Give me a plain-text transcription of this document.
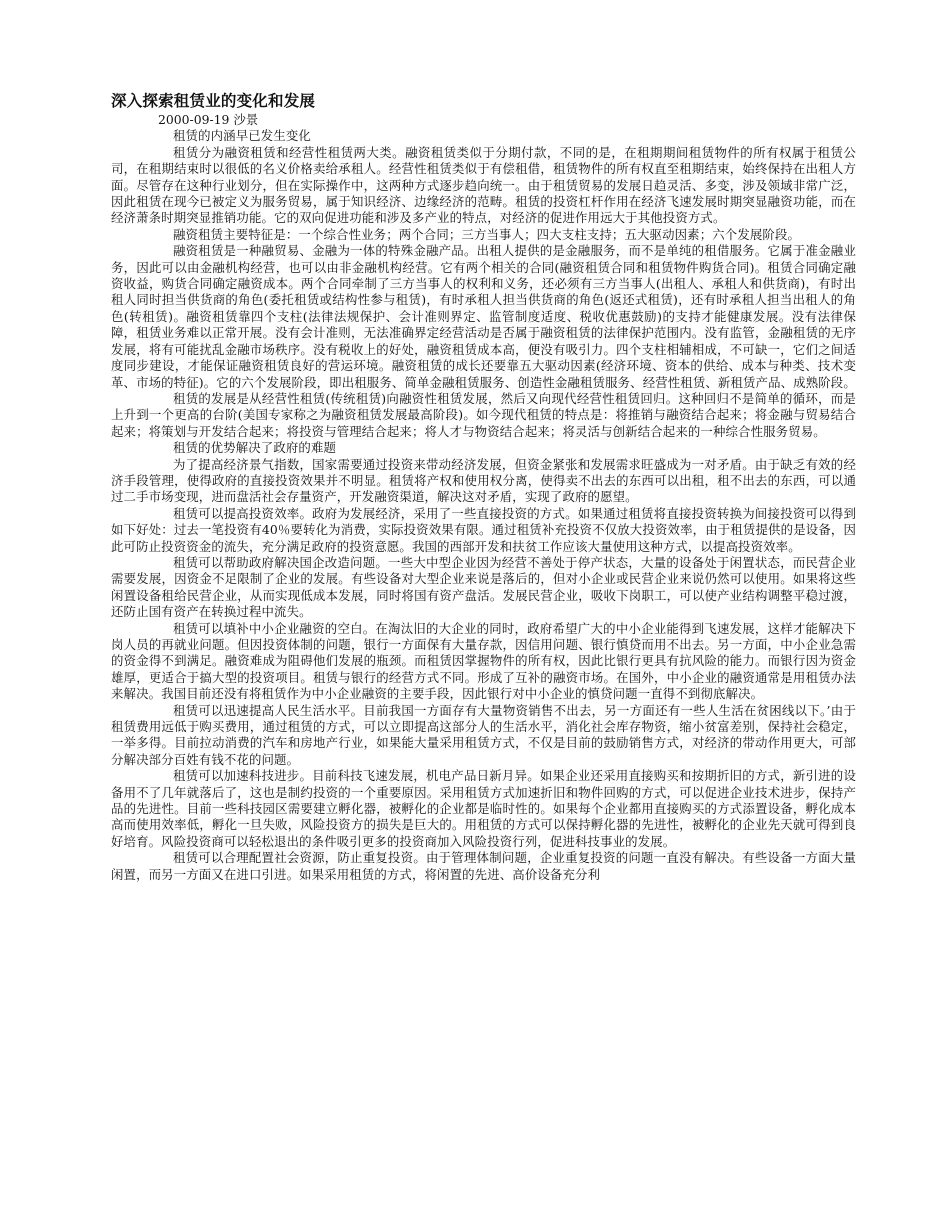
深入探索租赁业的变化和发展
2000-09-19 沙景

租赁的内涵早已发生变化

租赁分为融资租赁和经营性租赁两大类。融资租赁类似于分期付款，不同的是，在租期期间租赁物件的所有权属于租赁公司，在租期结束时以很低的名义价格卖给承租人。经营性租赁类似于有偿租借，租赁物件的所有权直至租期结束，始终保持在出租人方面。尽管存在这种行业划分，但在实际操作中，这两种方式逐步趋向统一。由于租赁贸易的发展日趋灵活、多变，涉及领域非常广泛，因此租赁在现今已被定义为服务贸易，属于知识经济、边缘经济的范畴。租赁的投资杠杆作用在经济飞速发展时期突显融资功能，而在经济萧条时期突显推销功能。它的双向促进功能和涉及多产业的特点，对经济的促进作用远大于其他投资方式。

融资租赁主要特征是：一个综合性业务；两个合同；三方当事人；四大支柱支持；五大驱动因素；六个发展阶段。

融资租赁是一种融贸易、金融为一体的特殊金融产品。出租人提供的是金融服务，而不是单纯的租借服务。它属于准金融业务，因此可以由金融机构经营，也可以由非金融机构经营。它有两个相关的合同(融资租赁合同和租赁物件购货合同)。租赁合同确定融资收益，购货合同确定融资成本。两个合同牵制了三方当事人的权利和义务，还必须有三方当事人(出租人、承租人和供货商)，有时出租人同时担当供货商的角色(委托租赁或结构性参与租赁)，有时承租人担当供货商的角色(返还式租赁)，还有时承租人担当出租人的角色(转租赁)。融资租赁靠四个支柱(法律法规保护、会计准则界定、监管制度适度、税收优惠鼓励)的支持才能健康发展。没有法律保障，租赁业务难以正常开展。没有会计准则，无法准确界定经营活动是否属于融资租赁的法律保护范围内。没有监管，金融租赁的无序发展，将有可能扰乱金融市场秩序。没有税收上的好处，融资租赁成本高，便没有吸引力。四个支柱相辅相成，不可缺一，它们之间适度同步建设，才能保证融资租赁良好的营运环境。融资租赁的成长还要靠五大驱动因素(经济环境、资本的供给、成本与种类、技术变革、市场的特征)。它的六个发展阶段，即出租服务、简单金融租赁服务、创造性金融租赁服务、经营性租赁、新租赁产品、成熟阶段。

租赁的发展是从经营性租赁(传统租赁)向融资性租赁发展，然后又向现代经营性租赁回归。这种回归不是简单的循环，而是上升到一个更高的台阶(美国专家称之为融资租赁发展最高阶段)。如今现代租赁的特点是：将推销与融资结合起来；将金融与贸易结合起来；将策划与开发结合起来；将投资与管理结合起来；将人才与物资结合起来；将灵活与创新结合起来的一种综合性服务贸易。

租赁的优势解决了政府的难题

为了提高经济景气指数，国家需要通过投资来带动经济发展，但资金紧张和发展需求旺盛成为一对矛盾。由于缺乏有效的经济手段管理，使得政府的直接投资效果并不明显。租赁将产权和使用权分离，使得卖不出去的东西可以出租，租不出去的东西，可以通过二手市场变现，进而盘活社会存量资产，开发融资渠道，解决这对矛盾，实现了政府的愿望。

租赁可以提高投资效率。政府为发展经济，采用了一些直接投资的方式。如果通过租赁将直接投资转换为间接投资可以得到如下好处：过去一笔投资有40％要转化为消费，实际投资效果有限。通过租赁补充投资不仅放大投资效率，由于租赁提供的是设备，因此可防止投资资金的流失，充分满足政府的投资意愿。我国的西部开发和扶贫工作应该大量使用这种方式，以提高投资效率。

租赁可以帮助政府解决国企改造问题。一些大中型企业因为经营不善处于停产状态，大量的设备处于闲置状态，而民营企业需要发展，因资金不足限制了企业的发展。有些设备对大型企业来说是落后的，但对小企业或民营企业来说仍然可以使用。如果将这些闲置设备租给民营企业，从而实现低成本发展，同时将国有资产盘活。发展民营企业，吸收下岗职工，可以使产业结构调整平稳过渡，还防止国有资产在转换过程中流失。

租赁可以填补中小企业融资的空白。在淘汰旧的大企业的同时，政府希望广大的中小企业能得到飞速发展，这样才能解决下岗人员的再就业问题。但因投资体制的问题，银行一方面保有大量存款，因信用问题、银行慎贷而用不出去。另一方面，中小企业急需的资金得不到满足。融资难成为阻碍他们发展的瓶颈。而租赁因掌握物件的所有权，因此比银行更具有抗风险的能力。而银行因为资金雄厚，更适合于搞大型的投资项目。租赁与银行的经营方式不同。形成了互补的融资市场。在国外，中小企业的融资通常是用租赁办法来解决。我国目前还没有将租赁作为中小企业融资的主要手段，因此银行对中小企业的慎贷问题一直得不到彻底解决。

租赁可以迅速提高人民生活水平。目前我国一方面存有大量物资销售不出去，另一方面还有一些人生活在贫困线以下。’由于租赁费用远低于购买费用，通过租赁的方式，可以立即提高这部分人的生活水平，消化社会库存物资，缩小贫富差别，保持社会稳定，一举多得。目前拉动消费的汽车和房地产行业，如果能大量采用租赁方式，不仅是目前的鼓励销售方式，对经济的带动作用更大，可部分解决部分百姓有钱不花的问题。

租赁可以加速科技进步。目前科技飞速发展，机电产品日新月异。如果企业还采用直接购买和按期折旧的方式，新引进的设备用不了几年就落后了，这也是制约投资的一个重要原因。采用租赁方式加速折旧和物件回购的方式，可以促进企业技术进步，保持产品的先进性。目前一些科技园区需要建立孵化器，被孵化的企业都是临时性的。如果每个企业都用直接购买的方式添置设备，孵化成本高而使用效率低，孵化一旦失败，风险投资方的损失是巨大的。用租赁的方式可以保持孵化器的先进性，被孵化的企业先天就可得到良好培育。风险投资商可以轻松退出的条件吸引更多的投资商加入风险投资行列，促进科技事业的发展。

租赁可以合理配置社会资源，防止重复投资。由于管理体制问题，企业重复投资的问题一直没有解决。有些设备一方面大量闲置，而另一方面又在进口引进。如果采用租赁的方式，将闲置的先进、高价设备充分利
